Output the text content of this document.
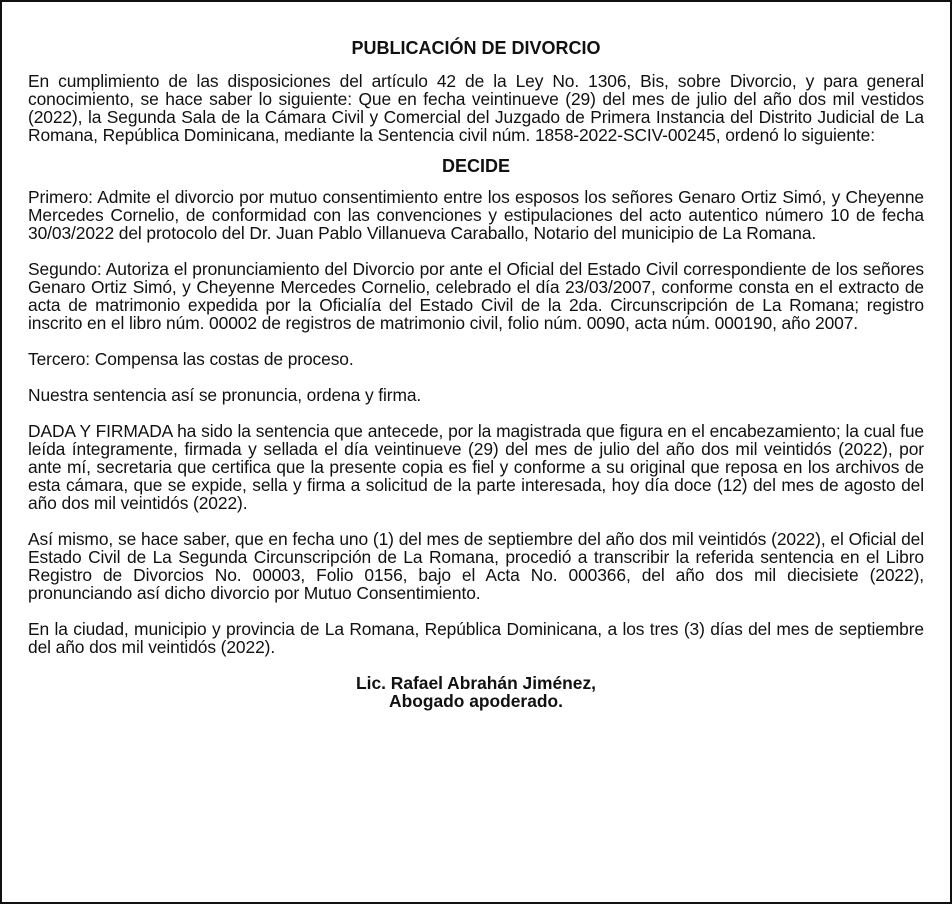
PUBLICACIÓN DE DIVORCIO
En cumplimiento de las disposiciones del artículo 42 de la Ley No. 1306, Bis, sobre Divorcio, y para general conocimiento, se hace saber lo siguiente: Que en fecha veintinueve (29) del mes de julio del año dos mil vestidos (2022), la Segunda Sala de la Cámara Civil y Comercial del Juzgado de Primera Instancia del Distrito Judicial de La Romana, República Dominicana, mediante la Sentencia civil núm. 1858-2022-SCIV-00245, ordenó lo siguiente:
DECIDE
Primero: Admite el divorcio por mutuo consentimiento entre los esposos los señores Genaro Ortiz Simó, y Cheyenne Mercedes Cornelio, de conformidad con las convenciones y estipulaciones del acto autentico número 10 de fecha 30/03/2022 del protocolo del Dr. Juan Pablo Villanueva Caraballo, Notario del municipio de La Romana.
Segundo: Autoriza el pronunciamiento del Divorcio por ante el Oficial del Estado Civil correspondiente de los señores Genaro Ortiz Simó, y Cheyenne Mercedes Cornelio, celebrado el día 23/03/2007, conforme consta en el extracto de acta de matrimonio expedida por la Oficialía del Estado Civil de la 2da. Circunscripción de La Romana; registro inscrito en el libro núm. 00002 de registros de matrimonio civil, folio núm. 0090, acta núm. 000190, año 2007.
Tercero: Compensa las costas de proceso.
Nuestra sentencia así se pronuncia, ordena y firma.
DADA Y FIRMADA ha sido la sentencia que antecede, por la magistrada que figura en el encabezamiento; la cual fue leída íntegramente, firmada y sellada el día veintinueve (29) del mes de julio del año dos mil veintidós (2022), por ante mí, secretaria que certifica que la presente copia es fiel y conforme a su original que reposa en los archivos de esta cámara, que se expide, sella y firma a solicitud de la parte interesada, hoy día doce (12) del mes de agosto del año dos mil veintidós (2022).
Así mismo, se hace saber, que en fecha uno (1) del mes de septiembre del año dos mil veintidós (2022), el Oficial del Estado Civil de La Segunda Circunscripción de La Romana, procedió a transcribir la referida sentencia en el Libro Registro de Divorcios No. 00003, Folio 0156, bajo el Acta No. 000366, del año dos mil diecisiete (2022), pronunciando así dicho divorcio por Mutuo Consentimiento.
En la ciudad, municipio y provincia de La Romana, República Dominicana, a los tres (3) días del mes de septiembre del año dos mil veintidós (2022).
Lic. Rafael Abrahán Jiménez,
Abogado apoderado.
